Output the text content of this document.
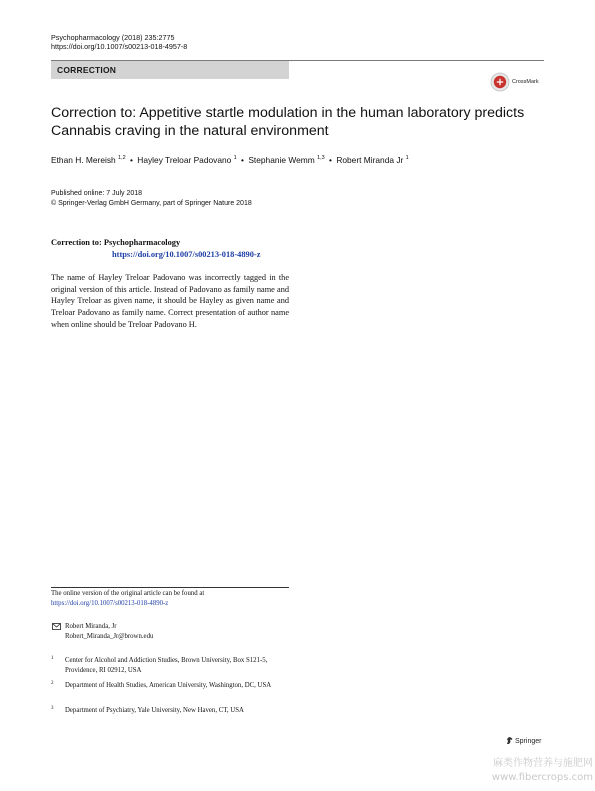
Psychopharmacology (2018) 235:2775
https://doi.org/10.1007/s00213-018-4957-8
CORRECTION
CrossMark
Correction to: Appetitive startle modulation in the human laboratory predicts Cannabis craving in the natural environment
Ethan H. Mereish $^{1,2}$ • Hayley Treloar Padovano $^1$ • Stephanie Wemm $^{1,3}$ • Robert Miranda Jr $^1$
Published online: 7 July 2018
© Springer-Verlag GmbH Germany, part of Springer Nature 2018
Correction to: Psychopharmacology
https://doi.org/10.1007/s00213-018-4890-z

The name of Hayley Treloar Padovano was incorrectly tagged in the original version of this article. Instead of Padovano as family name and Hayley Treloar as given name, it should be Hayley as given name and Treloar Padovano as family name. Correct presentation of author name when online should be Treloar Padovano H.

The online version of the original article can be found at https://doi.org/10.1007/s00213-018-4890-z
Robert Miranda, Jr
Robert_Miranda_Jr@brown.edu
1 Center for Alcohol and Addiction Studies, Brown University, Box S121-5, Providence, RI 02912, USA
2 Department of Health Studies, American University, Washington, DC, USA
3 Department of Psychiatry, Yale University, New Haven, CT, USA
Springer
麻类作物营养与施肥网
www.fibercrops.com
